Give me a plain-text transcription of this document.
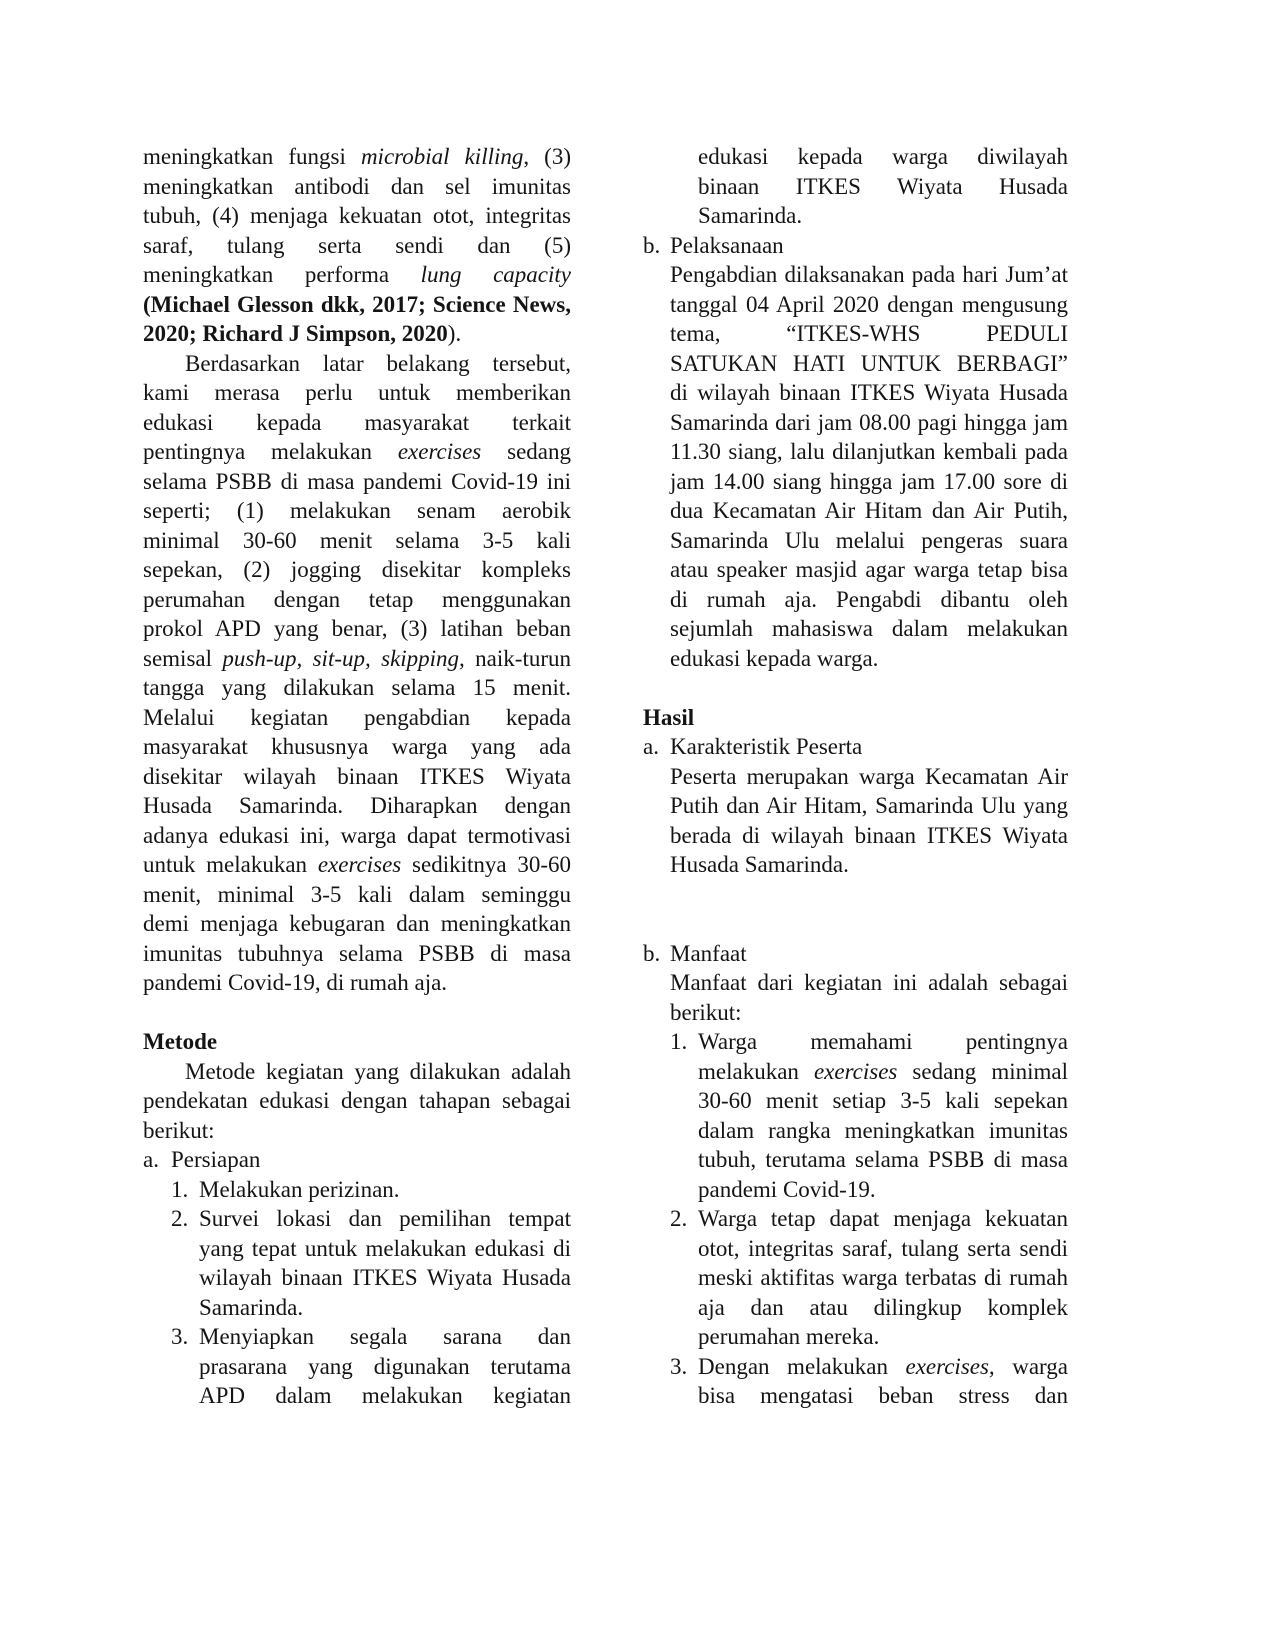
meningkatkan fungsi microbial killing, (3)
meningkatkan antibodi dan sel imunitas
tubuh, (4) menjaga kekuatan otot, integritas
saraf, tulang serta sendi dan (5)
meningkatkan performa lung capacity
(Michael Glesson dkk, 2017; Science News,
2020; Richard J Simpson, 2020).
Berdasarkan latar belakang tersebut,
kami merasa perlu untuk memberikan
edukasi kepada masyarakat terkait
pentingnya melakukan exercises sedang
selama PSBB di masa pandemi Covid-19 ini
seperti; (1) melakukan senam aerobik
minimal 30-60 menit selama 3-5 kali
sepekan, (2) jogging disekitar kompleks
perumahan dengan tetap menggunakan
prokol APD yang benar, (3) latihan beban
semisal push-up, sit-up, skipping, naik-turun
tangga yang dilakukan selama 15 menit.
Melalui kegiatan pengabdian kepada
masyarakat khususnya warga yang ada
disekitar wilayah binaan ITKES Wiyata
Husada Samarinda. Diharapkan dengan
adanya edukasi ini, warga dapat termotivasi
untuk melakukan exercises sedikitnya 30-60
menit, minimal 3-5 kali dalam seminggu
demi menjaga kebugaran dan meningkatkan
imunitas tubuhnya selama PSBB di masa
pandemi Covid-19, di rumah aja.
Metode
Metode kegiatan yang dilakukan adalah
pendekatan edukasi dengan tahapan sebagai
berikut:
a. Persiapan
1. Melakukan perizinan.
2. Survei lokasi dan pemilihan tempat
yang tepat untuk melakukan edukasi di
wilayah binaan ITKES Wiyata Husada
Samarinda.
3. Menyiapkan segala sarana dan
prasarana yang digunakan terutama
APD dalam melakukan kegiatan
edukasi kepada warga diwilayah
binaan ITKES Wiyata Husada
Samarinda.
b. Pelaksanaan
Pengabdian dilaksanakan pada hari Jum’at
tanggal 04 April 2020 dengan mengusung
tema, “ITKES-WHS PEDULI
SATUKAN HATI UNTUK BERBAGI”
di wilayah binaan ITKES Wiyata Husada
Samarinda dari jam 08.00 pagi hingga jam
11.30 siang, lalu dilanjutkan kembali pada
jam 14.00 siang hingga jam 17.00 sore di
dua Kecamatan Air Hitam dan Air Putih,
Samarinda Ulu melalui pengeras suara
atau speaker masjid agar warga tetap bisa
di rumah aja. Pengabdi dibantu oleh
sejumlah mahasiswa dalam melakukan
edukasi kepada warga.
Hasil
a. Karakteristik Peserta
Peserta merupakan warga Kecamatan Air
Putih dan Air Hitam, Samarinda Ulu yang
berada di wilayah binaan ITKES Wiyata
Husada Samarinda.
b. Manfaat
Manfaat dari kegiatan ini adalah sebagai
berikut:
1. Warga memahami pentingnya
melakukan exercises sedang minimal
30-60 menit setiap 3-5 kali sepekan
dalam rangka meningkatkan imunitas
tubuh, terutama selama PSBB di masa
pandemi Covid-19.
2. Warga tetap dapat menjaga kekuatan
otot, integritas saraf, tulang serta sendi
meski aktifitas warga terbatas di rumah
aja dan atau dilingkup komplek
perumahan mereka.
3. Dengan melakukan exercises, warga
bisa mengatasi beban stress dan
